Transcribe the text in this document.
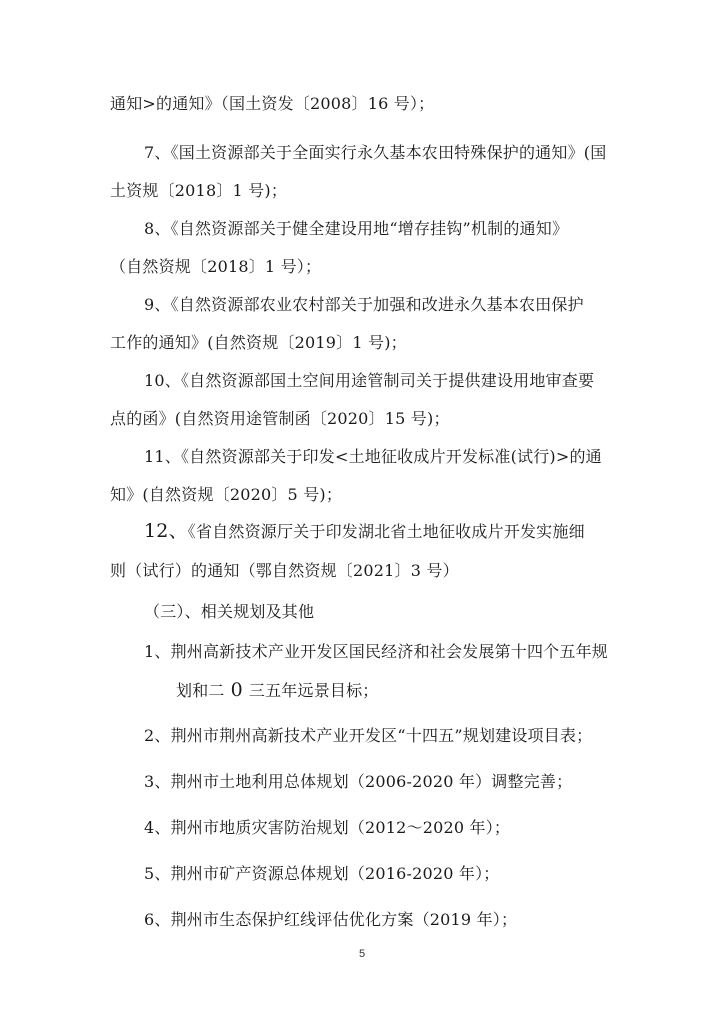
通知>的通知》（国土资发〔2008〕16 号）；
7、《国土资源部关于全面实行永久基本农田特殊保护的通知》(国
土资规〔2018〕1 号)；
8、《自然资源部关于健全建设用地“增存挂钩”机制的通知》
（自然资规〔2018〕1 号）；
9、《自然资源部农业农村部关于加强和改进永久基本农田保护
工作的通知》(自然资规〔2019〕1 号)；
10、《自然资源部国土空间用途管制司关于提供建设用地审查要
点的函》(自然资用途管制函〔2020〕15 号)；
11、《自然资源部关于印发<土地征收成片开发标准(试行)>的通
知》(自然资规〔2020〕5 号)；
12、《省自然资源厅关于印发湖北省土地征收成片开发实施细
则（试行）的通知（鄂自然资规〔2021〕3 号）
（三）、相关规划及其他
1、荆州高新技术产业开发区国民经济和社会发展第十四个五年规
划和二 0 三五年远景目标；
2、荆州市荆州高新技术产业开发区“十四五”规划建设项目表；
3、荆州市土地利用总体规划（2006-2020 年）调整完善；
4、荆州市地质灾害防治规划（2012～2020 年）；
5、荆州市矿产资源总体规划（2016-2020 年）；
6、荆州市生态保护红线评估优化方案（2019 年）；
5
